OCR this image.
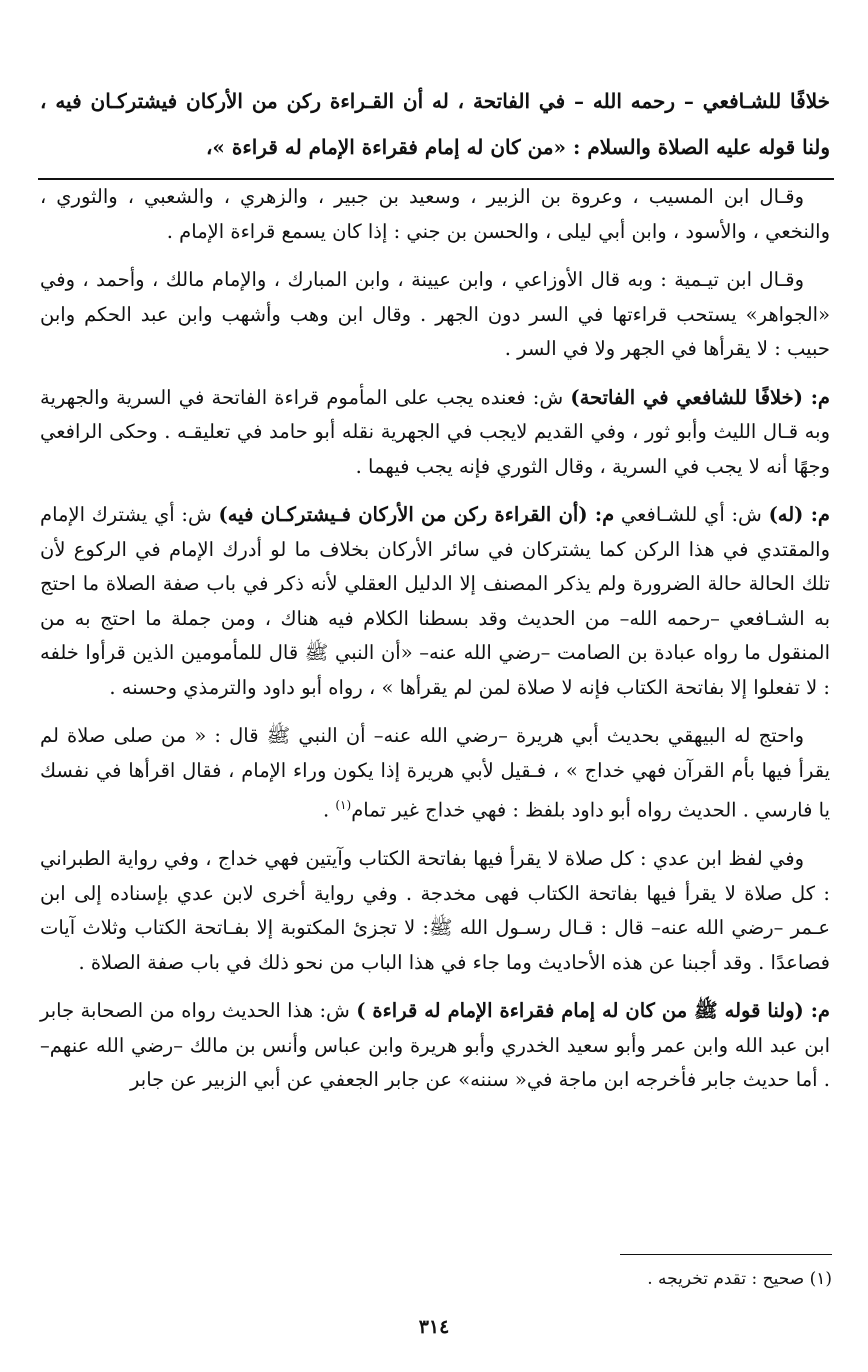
خلافًا للشـافعي – رحمه الله – في الفاتحة ، له أن القـراءة ركن من الأركان فيشتركـان فيه ، ولنا قوله عليه الصلاة والسلام : «من كان له إمام فقراءة الإمام له قراءة »،

وقـال ابن المسيب ، وعروة بن الزبير ، وسعيد بن جبير ، والزهري ، والشعبي ، والثوري ، والنخعي ، والأسود ، وابن أبي ليلى ، والحسن بن جني : إذا كان يسمع قراءة الإمام .

وقـال ابن تيـمية : وبه قال الأوزاعي ، وابن عيينة ، وابن المبارك ، والإمام مالك ، وأحمد ، وفي «الجواهر» يستحب قراءتها في السر دون الجهر . وقال ابن وهب وأشهب وابن عبد الحكم وابن حبيب : لا يقرأها في الجهر ولا في السر .

م: (خلافًا للشافعي في الفاتحة) ش: فعنده يجب على المأموم قراءة الفاتحة في السرية والجهرية وبه قـال الليث وأبو ثور ، وفي القديم لايجب في الجهرية نقله أبو حامد في تعليقـه . وحكى الرافعي وجهًا أنه لا يجب في السرية ، وقال الثوري فإنه يجب فيهما .

م: (له) ش: أي للشـافعي م: (أن القراءة ركن من الأركان فـيشتركـان فيه) ش: أي يشترك الإمام والمقتدي في هذا الركن كما يشتركان في سائر الأركان بخلاف ما لو أدرك الإمام في الركوع لأن تلك الحالة حالة الضرورة ولم يذكر المصنف إلا الدليل العقلي لأنه ذكر في باب صفة الصلاة ما احتج به الشـافعي –رحمه الله– من الحديث وقد بسطنا الكلام فيه هناك ، ومن جملة ما احتج به من المنقول ما رواه عبادة بن الصامت –رضي الله عنه– «أن النبي ﷺ قال للمأمومين الذين قرأوا خلفه : لا تفعلوا إلا بفاتحة الكتاب فإنه لا صلاة لمن لم يقرأها » ، رواه أبو داود والترمذي وحسنه .

واحتج له البيهقي بحديث أبي هريرة –رضي الله عنه– أن النبي ﷺ قال : « من صلى صلاة لم يقرأ فيها بأم القرآن فهي خداج » ، فـقيل لأبي هريرة إذا يكون وراء الإمام ، فقال اقرأها في نفسك يا فارسي . الحديث رواه أبو داود بلفظ : فهي خداج غير تمام$^{(١)}$ .

وفي لفظ ابن عدي : كل صلاة لا يقرأ فيها بفاتحة الكتاب وآيتين فهي خداج ، وفي رواية الطبراني : كل صلاة لا يقرأ فيها بفاتحة الكتاب فهى مخدجة . وفي رواية أخرى لابن عدي بإسناده إلى ابن عـمر –رضي الله عنه– قال : قـال رسـول الله ﷺ: لا تجزئ المكتوبة إلا بفـاتحة الكتاب وثلاث آيات فصاعدًا . وقد أجبنا عن هذه الأحاديث وما جاء في هذا الباب من نحو ذلك في باب صفة الصلاة .

م: (ولنا قوله ﷺ من كان له إمام فقراءة الإمام له قراءة ) ش: هذا الحديث رواه من الصحابة جابر ابن عبد الله وابن عمر وأبو سعيد الخدري وأبو هريرة وابن عباس وأنس بن مالك –رضي الله عنهم– . أما حديث جابر فأخرجه ابن ماجة في« سننه» عن جابر الجعفي عن أبي الزبير عن جابر

(١) صحيح : تقدم تخريجه .
٣١٤
